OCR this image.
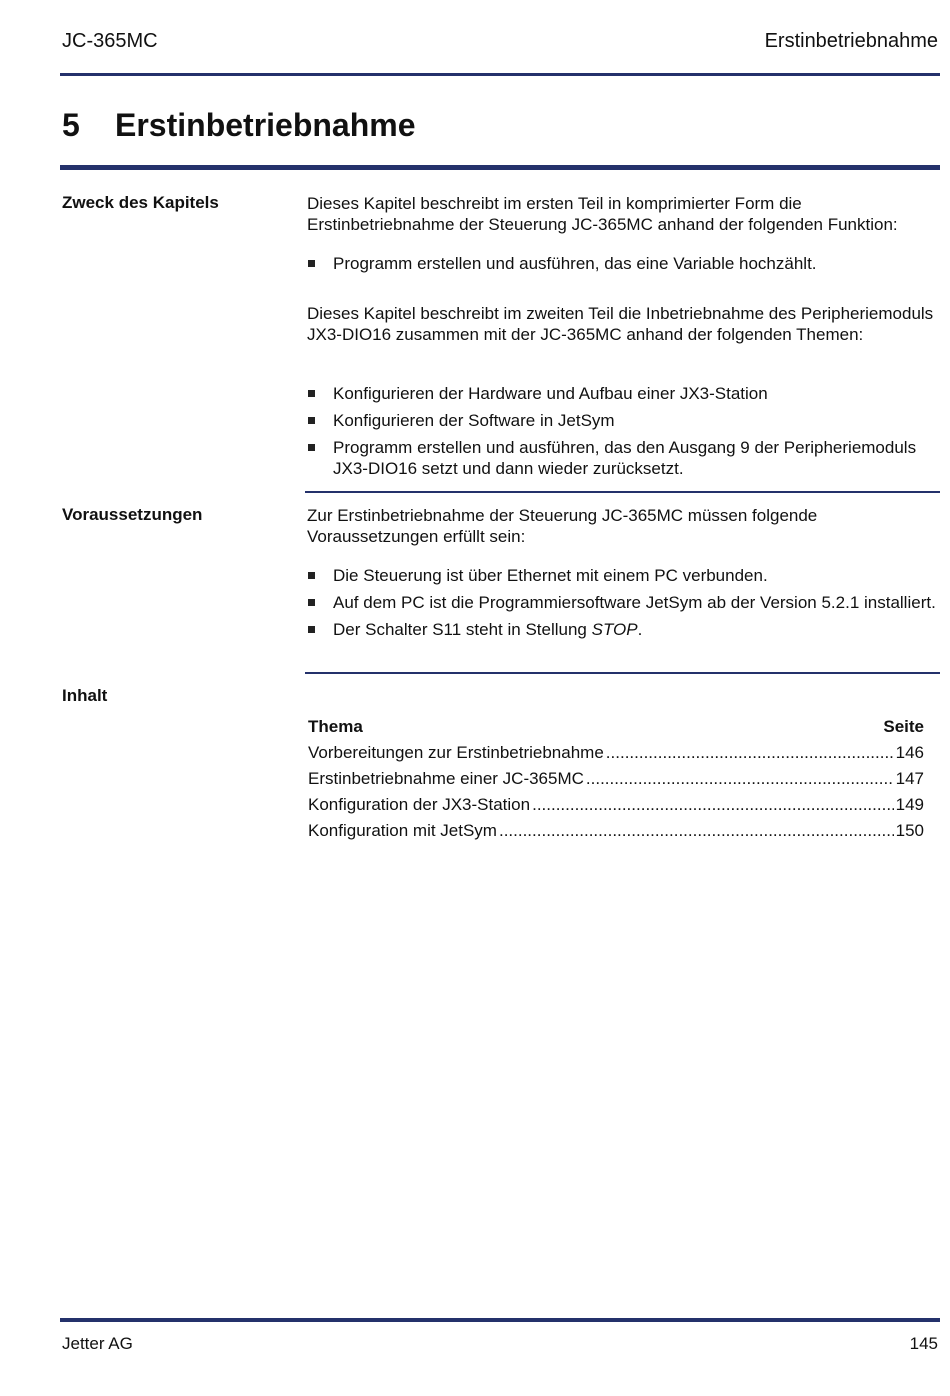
JC-365MC	Erstinbetriebnahme
5 Erstinbetriebnahme
Zweck des Kapitels	Dieses Kapitel beschreibt im ersten Teil in komprimierter Form die Erstinbetriebnahme der Steuerung JC-365MC anhand der folgenden Funktion:
Programm erstellen und ausführen, das eine Variable hochzählt.
Dieses Kapitel beschreibt im zweiten Teil die Inbetriebnahme des Peripheriemoduls JX3-DIO16 zusammen mit der JC-365MC anhand der folgenden Themen:
Konfigurieren der Hardware und Aufbau einer JX3-Station
Konfigurieren der Software in JetSym
Programm erstellen und ausführen, das den Ausgang 9 der Peripheriemoduls JX3-DIO16 setzt und dann wieder zurücksetzt.
Voraussetzungen	Zur Erstinbetriebnahme der Steuerung JC-365MC müssen folgende Voraussetzungen erfüllt sein:
Die Steuerung ist über Ethernet mit einem PC verbunden.
Auf dem PC ist die Programmiersoftware JetSym ab der Version 5.2.1 installiert.
Der Schalter S11 steht in Stellung STOP.
Inhalt
Thema	Seite
Vorbereitungen zur Erstinbetriebnahme .....	146
Erstinbetriebnahme einer JC-365MC .....	147
Konfiguration der JX3-Station .....	149
Konfiguration mit JetSym .....	150
Jetter AG	145
